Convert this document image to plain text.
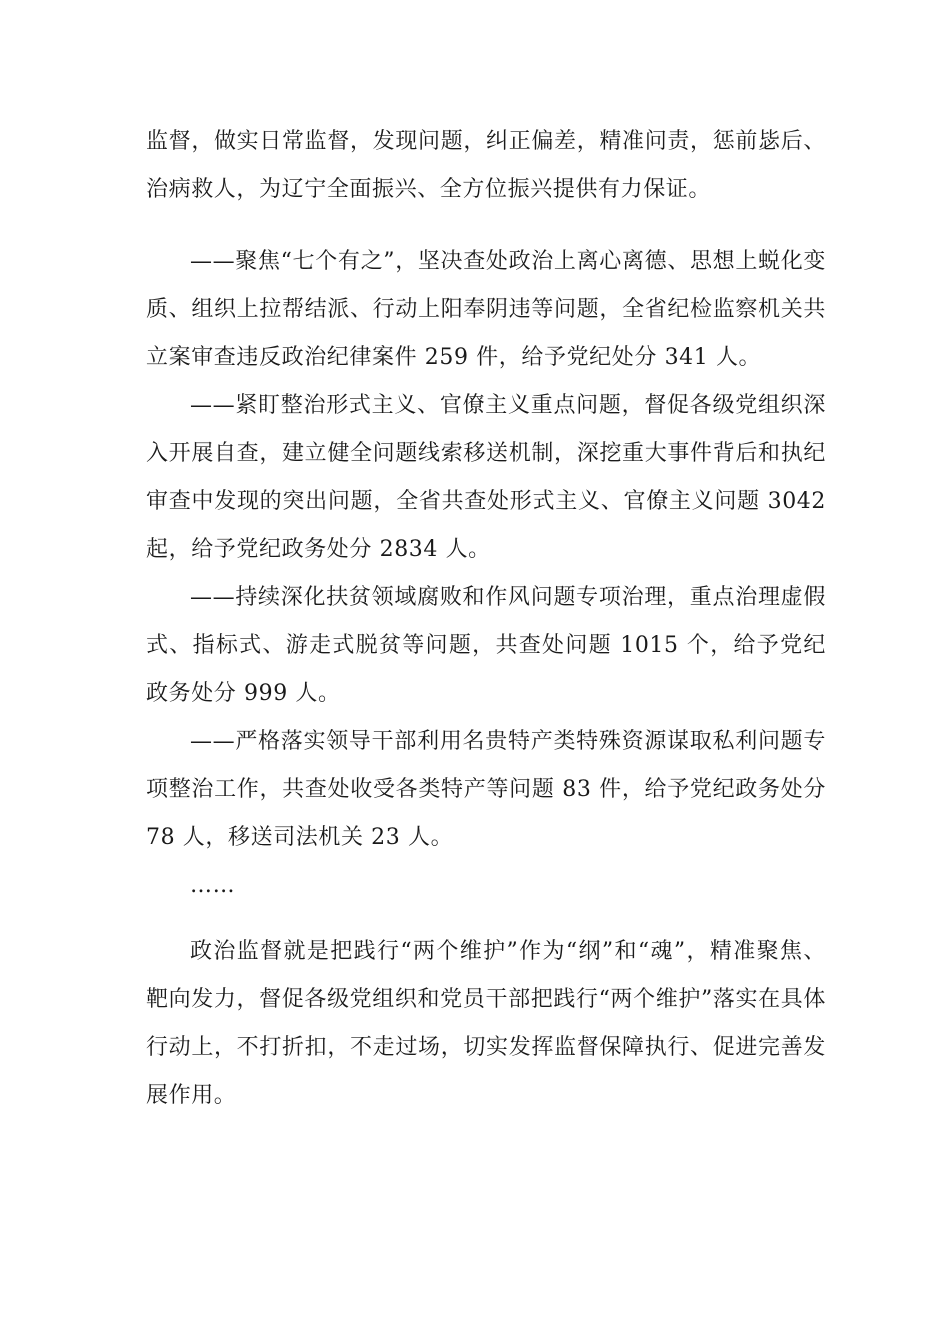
监督，做实日常监督，发现问题，纠正偏差，精准问责，惩前毖后、治病救人，为辽宁全面振兴、全方位振兴提供有力保证。

——聚焦“七个有之”，坚决查处政治上离心离德、思想上蜕化变质、组织上拉帮结派、行动上阳奉阴违等问题，全省纪检监察机关共立案审查违反政治纪律案件 259 件，给予党纪处分 341 人。

——紧盯整治形式主义、官僚主义重点问题，督促各级党组织深入开展自查，建立健全问题线索移送机制，深挖重大事件背后和执纪审查中发现的突出问题，全省共查处形式主义、官僚主义问题 3042 起，给予党纪政务处分 2834 人。

——持续深化扶贫领域腐败和作风问题专项治理，重点治理虚假式、指标式、游走式脱贫等问题，共查处问题 1015 个，给予党纪政务处分 999 人。

——严格落实领导干部利用名贵特产类特殊资源谋取私利问题专项整治工作，共查处收受各类特产等问题 83 件，给予党纪政务处分 78 人，移送司法机关 23 人。

……

政治监督就是把践行“两个维护”作为“纲”和“魂”，精准聚焦、靶向发力，督促各级党组织和党员干部把践行“两个维护”落实在具体行动上，不打折扣，不走过场，切实发挥监督保障执行、促进完善发展作用。
